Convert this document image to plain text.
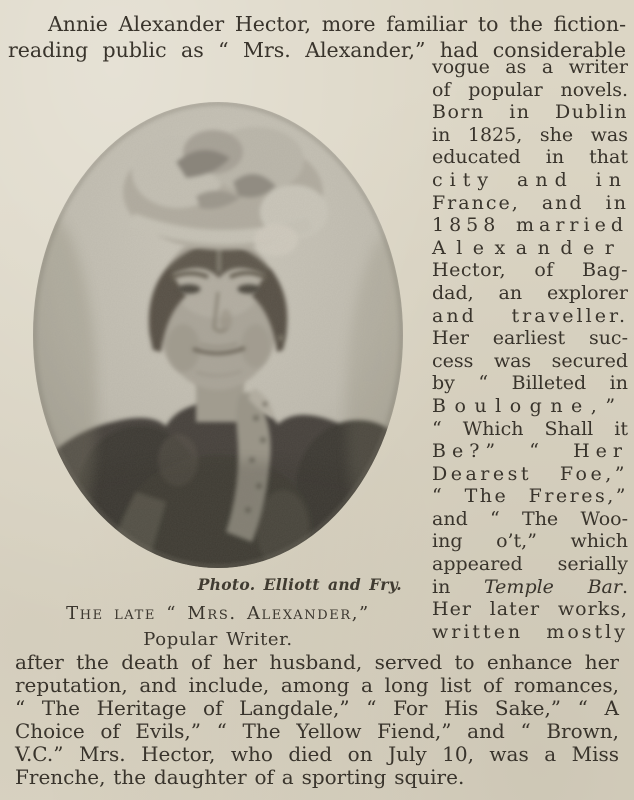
Annie Alexander Hector, more familiar to the fiction-
reading public as “ Mrs. Alexander,” had considerable
Photo. Elliott and Fry.
The late “ Mrs. Alexander,”
Popular Writer.
vogue as a writer
of popular novels.
Born in Dublin
in 1825, she was
educated in that
city and in
France, and in
1858 married
Alexander
Hector, of Bag-
dad, an explorer
and traveller.
Her earliest suc-
cess was secured
by “ Billeted in
Boulogne,”
“ Which Shall it
Be?” “ Her
Dearest Foe,”
“ The Freres,”
and “ The Woo-
ing o’t,” which
appeared serially
in Temple Bar.
Her later works,
written mostly
after the death of her husband, served to enhance her
reputation, and include, among a long list of romances,
“ The Heritage of Langdale,” “ For His Sake,” “ A
Choice of Evils,” “ The Yellow Fiend,” and “ Brown,
V.C.” Mrs. Hector, who died on July 10, was a Miss
Frenche, the daughter of a sporting squire.
